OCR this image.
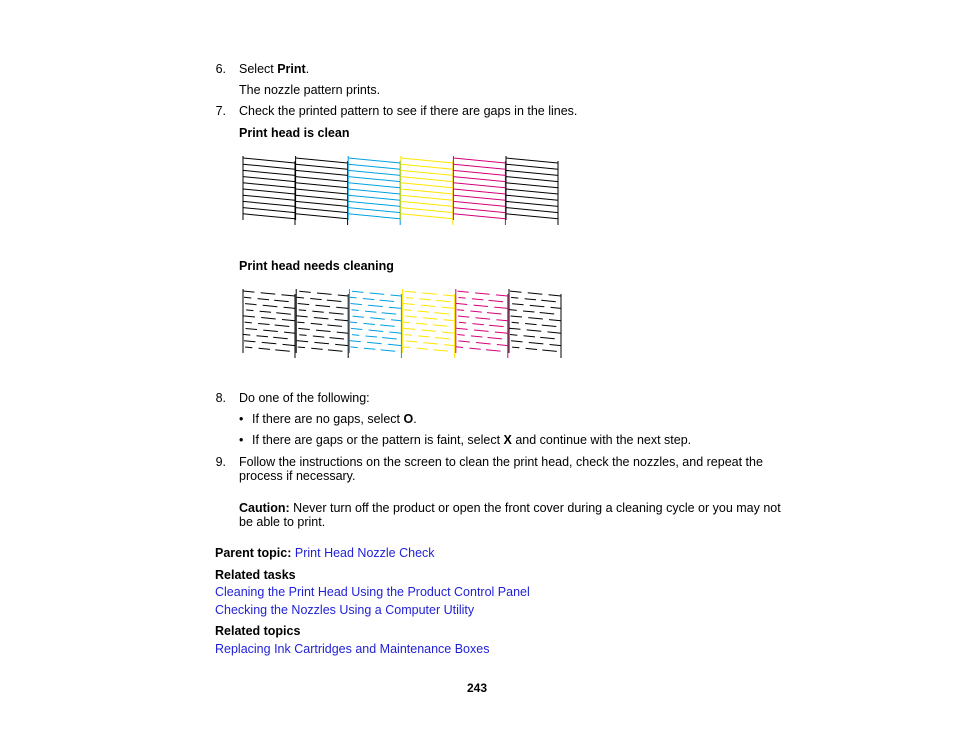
6. Select Print.
The nozzle pattern prints.
7. Check the printed pattern to see if there are gaps in the lines.
Print head is clean
Print head needs cleaning
8. Do one of the following:
• If there are no gaps, select O.
• If there are gaps or the pattern is faint, select X and continue with the next step.
9. Follow the instructions on the screen to clean the print head, check the nozzles, and repeat the
process if necessary.
Caution: Never turn off the product or open the front cover during a cleaning cycle or you may not
be able to print.
Parent topic: Print Head Nozzle Check
Related tasks
Cleaning the Print Head Using the Product Control Panel
Checking the Nozzles Using a Computer Utility
Related topics
Replacing Ink Cartridges and Maintenance Boxes
243
